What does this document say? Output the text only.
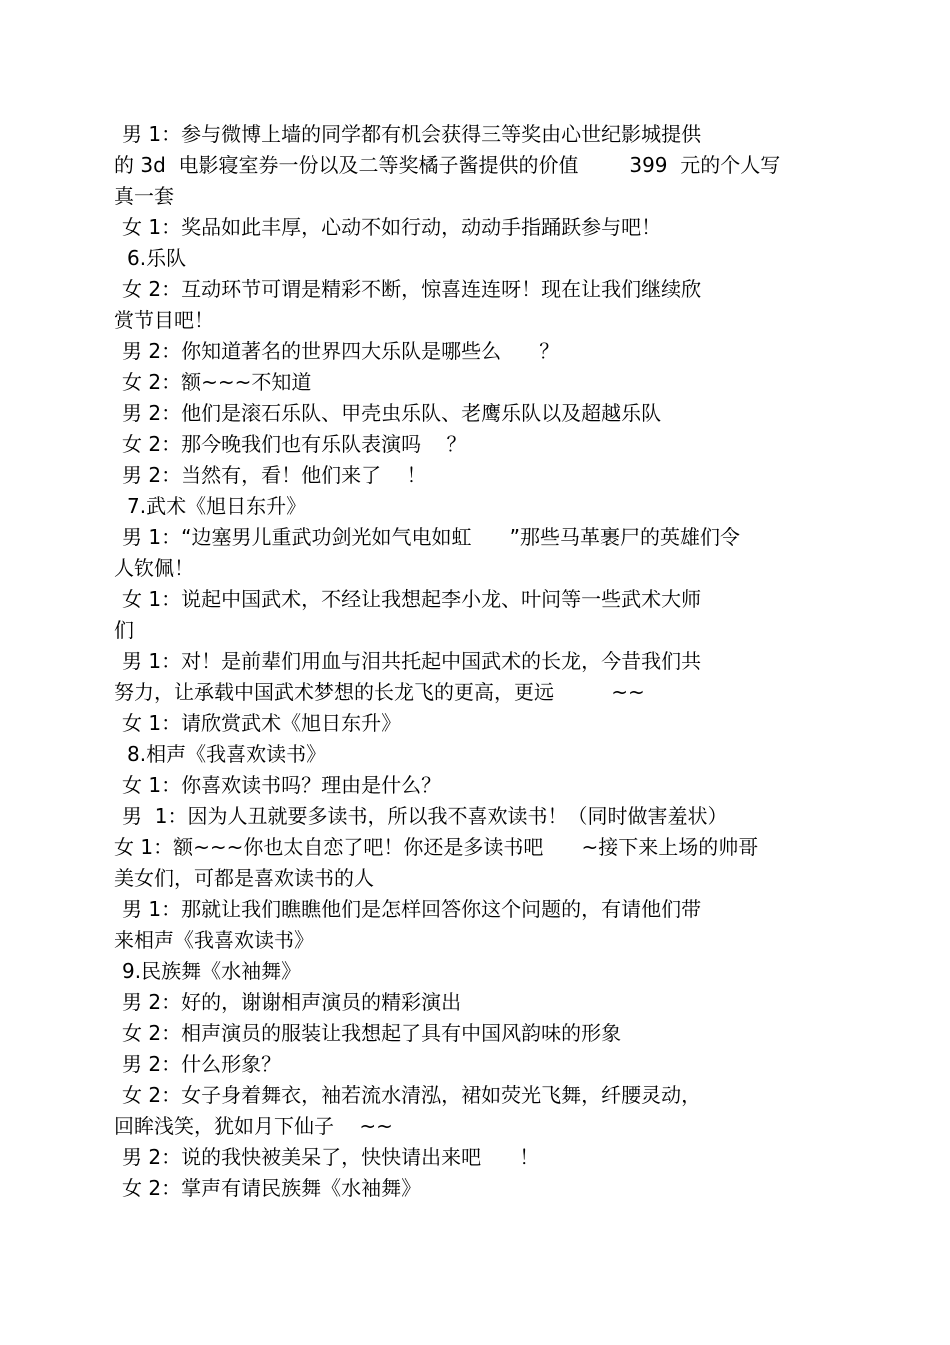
男 1：参与微博上墙的同学都有机会获得三等奖由心世纪影城提供
的 3d  电影寝室券一份以及二等奖橘子酱提供的价值        399  元的个人写
真一套
女 1：奖品如此丰厚，心动不如行动，动动手指踊跃参与吧！
6.乐队
女 2：互动环节可谓是精彩不断，惊喜连连呀！现在让我们继续欣
赏节目吧！
男 2：你知道著名的世界四大乐队是哪些么      ？
女 2：额~~~不知道
男 2：他们是滚石乐队、甲壳虫乐队、老鹰乐队以及超越乐队
女 2：那今晚我们也有乐队表演吗    ？
男 2：当然有，看！他们来了    ！
7.武术《旭日东升》
男 1：“边塞男儿重武功剑光如气电如虹      ”那些马革裹尸的英雄们令
人钦佩！
女 1：说起中国武术，不经让我想起李小龙、叶问等一些武术大师
们
男 1：对！是前辈们用血与泪共托起中国武术的长龙，今昔我们共
努力，让承载中国武术梦想的长龙飞的更高，更远         ~~
女 1：请欣赏武术《旭日东升》
8.相声《我喜欢读书》
女 1：你喜欢读书吗？理由是什么？
男  1：因为人丑就要多读书，所以我不喜欢读书！（同时做害羞状）
女 1：额~~~你也太自恋了吧！你还是多读书吧      ~接下来上场的帅哥
美女们，可都是喜欢读书的人
男 1：那就让我们瞧瞧他们是怎样回答你这个问题的，有请他们带
来相声《我喜欢读书》
9.民族舞《水袖舞》
男 2：好的，谢谢相声演员的精彩演出
女 2：相声演员的服装让我想起了具有中国风韵味的形象
男 2：什么形象？
女 2：女子身着舞衣，袖若流水清泓，裙如荧光飞舞，纤腰灵动，
回眸浅笑，犹如月下仙子    ~~
男 2：说的我快被美呆了，快快请出来吧      ！
女 2：掌声有请民族舞《水袖舞》
